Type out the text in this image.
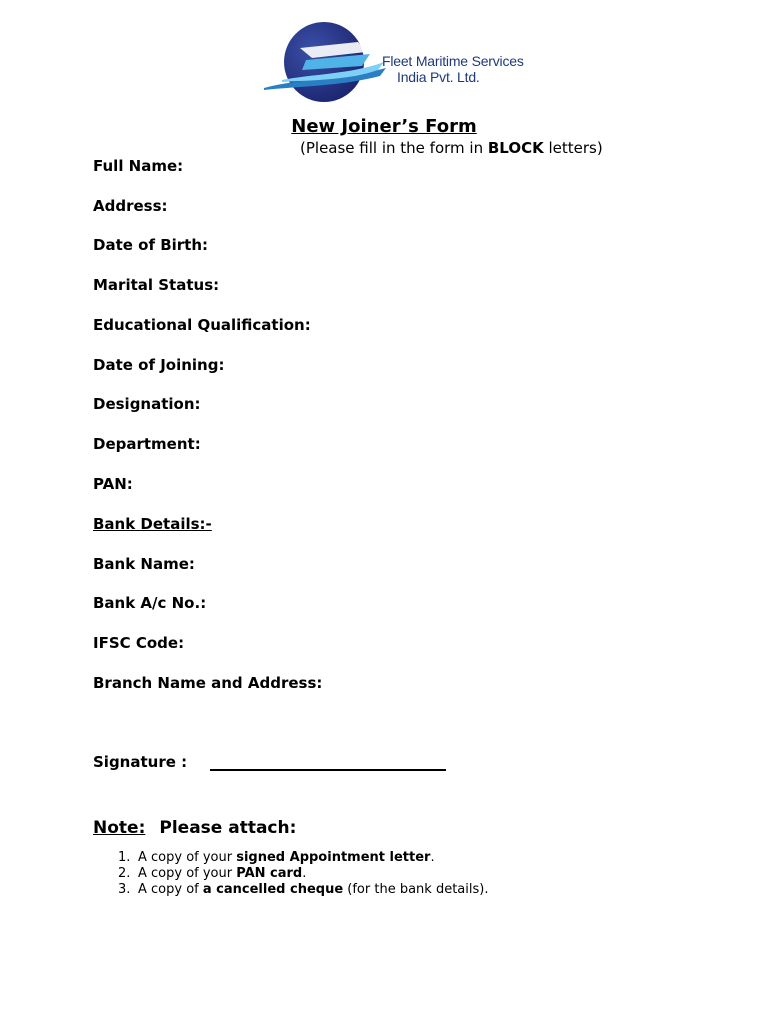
Fleet Maritime Services
India Pvt. Ltd.
New Joiner’s Form
(Please fill in the form in BLOCK letters)
Full Name:
Address:
Date of Birth:
Marital Status:
Educational Qualification:
Date of Joining:
Designation:
Department:
PAN:
Bank Details:-
Bank Name:
Bank A/c No.:
IFSC Code:
Branch Name and Address:
Signature :
Note: Please attach:
1. A copy of your signed Appointment letter.
2. A copy of your PAN card.
3. A copy of a cancelled cheque (for the bank details).
